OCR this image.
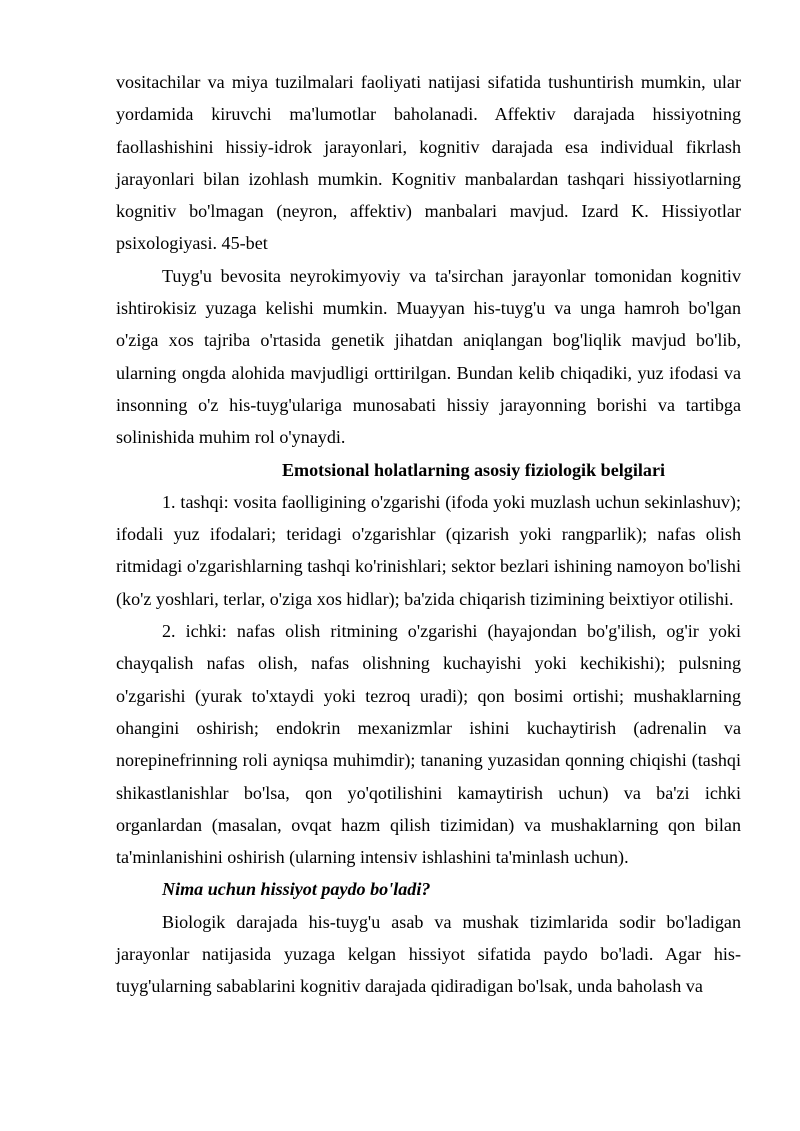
vositachilar va miya tuzilmalari faoliyati natijasi sifatida tushuntirish mumkin, ular yordamida kiruvchi ma'lumotlar baholanadi. Affektiv darajada hissiyotning faollashishini hissiy-idrok jarayonlari, kognitiv darajada esa individual fikrlash jarayonlari bilan izohlash mumkin. Kognitiv manbalardan tashqari hissiyotlarning kognitiv bo'lmagan (neyron, affektiv) manbalari mavjud. Izard K. Hissiyotlar psixologiyasi. 45-bet

Tuyg'u bevosita neyrokimyoviy va ta'sirchan jarayonlar tomonidan kognitiv ishtirokisiz yuzaga kelishi mumkin. Muayyan his-tuyg'u va unga hamroh bo'lgan o'ziga xos tajriba o'rtasida genetik jihatdan aniqlangan bog'liqlik mavjud bo'lib, ularning ongda alohida mavjudligi orttirilgan. Bundan kelib chiqadiki, yuz ifodasi va insonning o'z his-tuyg'ulariga munosabati hissiy jarayonning borishi va tartibga solinishida muhim rol o'ynaydi.

Emotsional holatlarning asosiy fiziologik belgilari

1. tashqi: vosita faolligining o'zgarishi (ifoda yoki muzlash uchun sekinlashuv); ifodali yuz ifodalari; teridagi o'zgarishlar (qizarish yoki rangparlik); nafas olish ritmidagi o'zgarishlarning tashqi ko'rinishlari; sektor bezlari ishining namoyon bo'lishi (ko'z yoshlari, terlar, o'ziga xos hidlar); ba'zida chiqarish tizimining beixtiyor otilishi.

2. ichki: nafas olish ritmining o'zgarishi (hayajondan bo'g'ilish, og'ir yoki chayqalish nafas olish, nafas olishning kuchayishi yoki kechikishi); pulsning o'zgarishi (yurak to'xtaydi yoki tezroq uradi); qon bosimi ortishi; mushaklarning ohangini oshirish; endokrin mexanizmlar ishini kuchaytirish (adrenalin va norepinefrinning roli ayniqsa muhimdir); tananing yuzasidan qonning chiqishi (tashqi shikastlanishlar bo'lsa, qon yo'qotilishini kamaytirish uchun) va ba'zi ichki organlardan (masalan, ovqat hazm qilish tizimidan) va mushaklarning qon bilan ta'minlanishini oshirish (ularning intensiv ishlashini ta'minlash uchun).

Nima uchun hissiyot paydo bo'ladi?

Biologik darajada his-tuyg'u asab va mushak tizimlarida sodir bo'ladigan jarayonlar natijasida yuzaga kelgan hissiyot sifatida paydo bo'ladi. Agar his-tuyg'ularning sabablarini kognitiv darajada qidiradigan bo'lsak, unda baholash va
